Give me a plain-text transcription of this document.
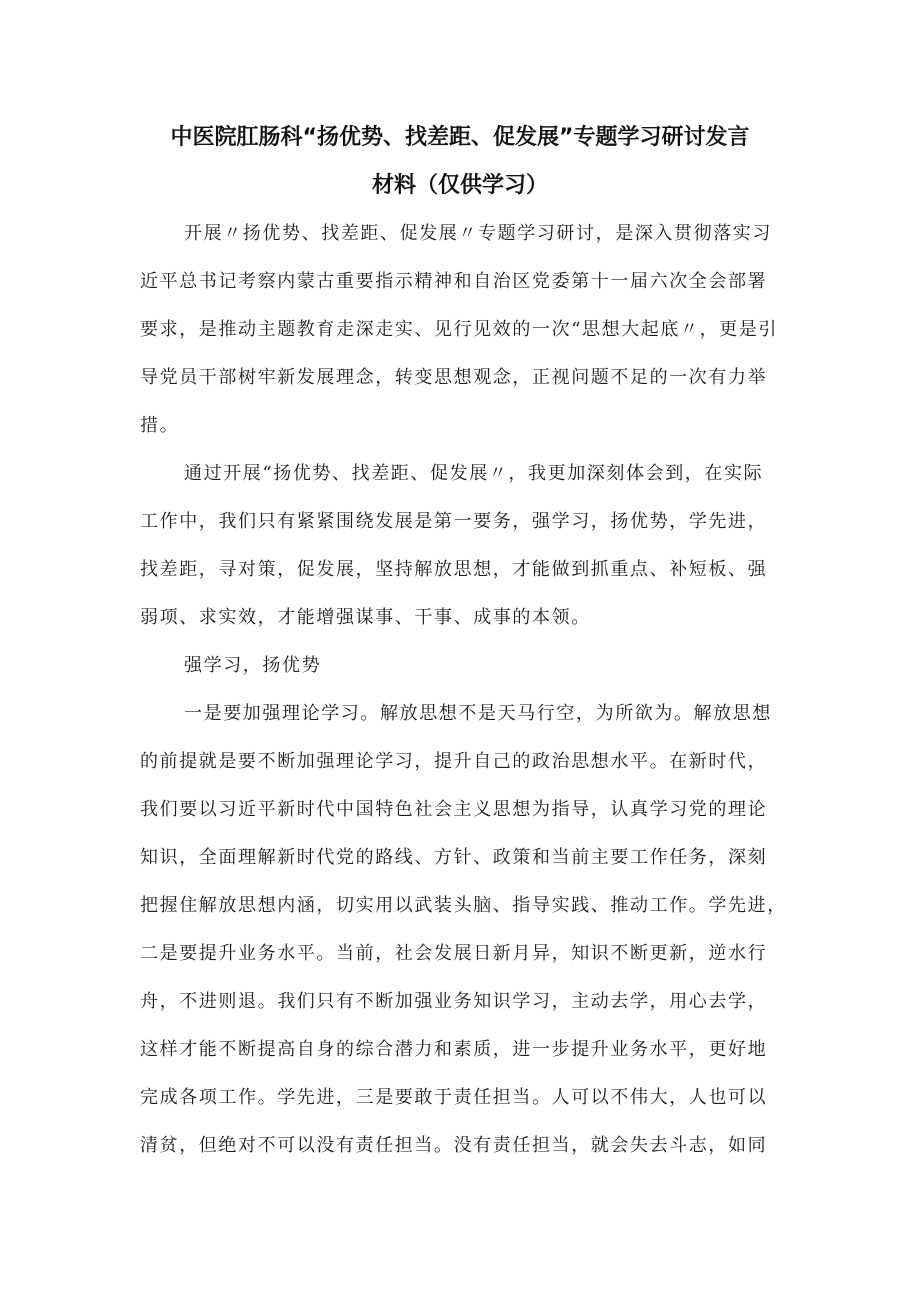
中医院肛肠科“扬优势、找差距、促发展”专题学习研讨发言
材料（仅供学习）
开展〃扬优势、找差距、促发展〃专题学习研讨，是深入贯彻落实习
近平总书记考察内蒙古重要指示精神和自治区党委第十一届六次全会部署
要求，是推动主题教育走深走实、见行见效的一次“思想大起底〃，更是引
导党员干部树牢新发展理念，转变思想观念，正视问题不足的一次有力举
措。
通过开展“扬优势、找差距、促发展〃，我更加深刻体会到，在实际
工作中，我们只有紧紧围绕发展是第一要务，强学习，扬优势，学先进，
找差距，寻对策，促发展，坚持解放思想，才能做到抓重点、补短板、强
弱项、求实效，才能增强谋事、干事、成事的本领。
强学习，扬优势
一是要加强理论学习。解放思想不是天马行空，为所欲为。解放思想
的前提就是要不断加强理论学习，提升自己的政治思想水平。在新时代，
我们要以习近平新时代中国特色社会主义思想为指导，认真学习党的理论
知识，全面理解新时代党的路线、方针、政策和当前主要工作任务，深刻
把握住解放思想内涵，切实用以武装头脑、指导实践、推动工作。学先进，
二是要提升业务水平。当前，社会发展日新月异，知识不断更新，逆水行
舟，不进则退。我们只有不断加强业务知识学习，主动去学，用心去学，
这样才能不断提高自身的综合潜力和素质，进一步提升业务水平，更好地
完成各项工作。学先进，三是要敢于责任担当。人可以不伟大，人也可以
清贫，但绝对不可以没有责任担当。没有责任担当，就会失去斗志，如同
